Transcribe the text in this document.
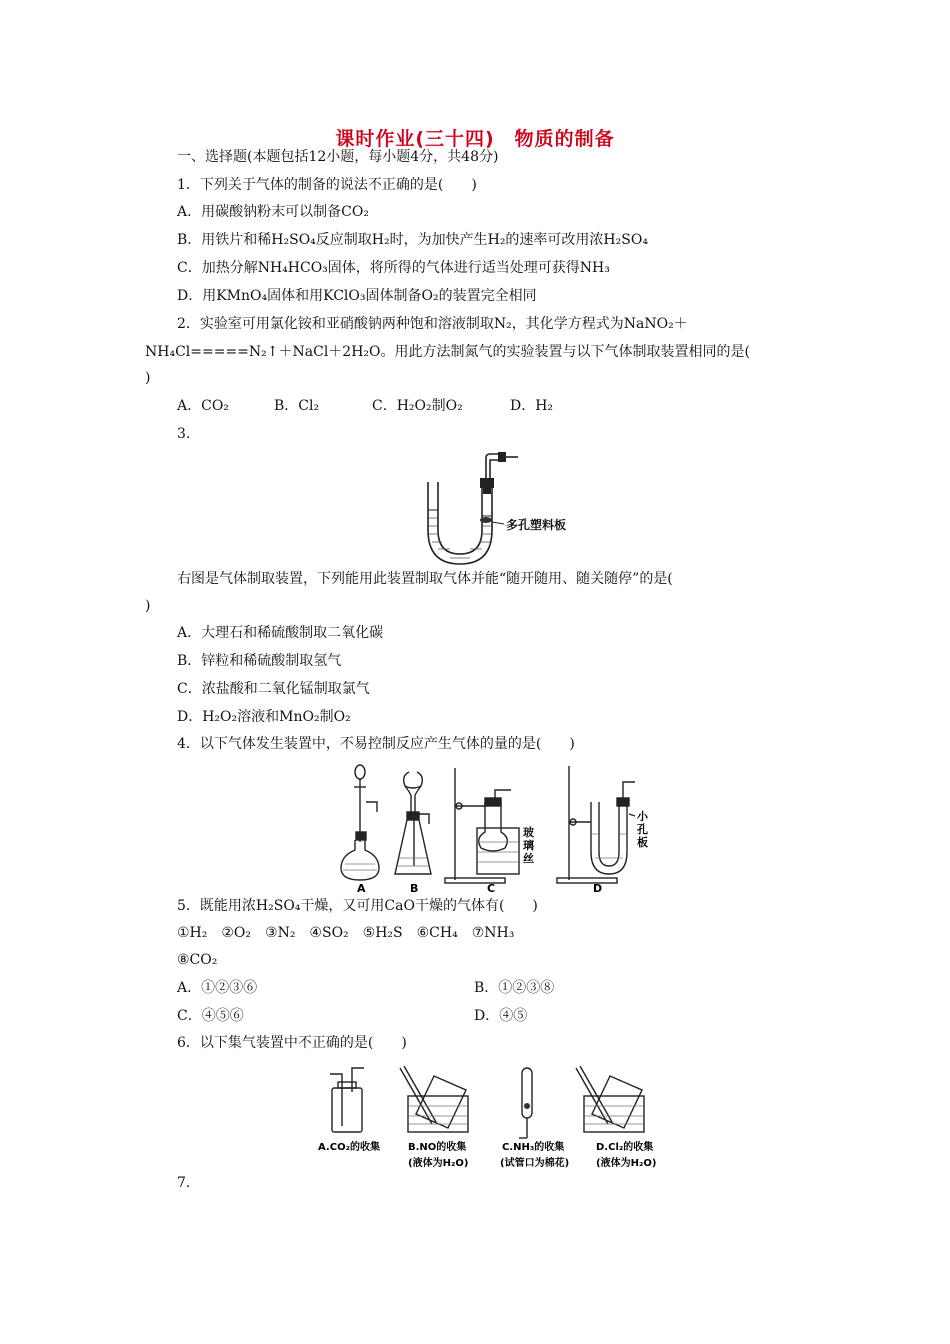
课时作业(三十四)　物质的制备
一、选择题(本题包括12小题，每小题4分，共48分)
1．下列关于气体的制备的说法不正确的是(　　)
A．用碳酸钠粉末可以制备CO₂
B．用铁片和稀H₂SO₄反应制取H₂时，为加快产生H₂的速率可改用浓H₂SO₄
C．加热分解NH₄HCO₃固体，将所得的气体进行适当处理可获得NH₃
D．用KMnO₄固体和用KClO₃固体制备O₂的装置完全相同
2．实验室可用氯化铵和亚硝酸钠两种饱和溶液制取N₂，其化学方程式为NaNO₂＋
NH₄Cl=====N₂↑＋NaCl＋2H₂O。用此方法制氮气的实验装置与以下气体制取装置相同的是(
)
A．CO₂	B．Cl₂	C．H₂O₂制O₂	D．H₂
3.
多孔塑料板
右图是气体制取装置，下列能用此装置制取气体并能“随开随用、随关随停”的是(
)
A．大理石和稀硫酸制取二氧化碳
B．锌粒和稀硫酸制取氢气
C．浓盐酸和二氧化锰制取氯气
D．H₂O₂溶液和MnO₂制O₂
4．以下气体发生装置中，不易控制反应产生气体的量的是(　　)
玻
璃
丝
小
孔
板
A	B	C	D
5．既能用浓H₂SO₄干燥，又可用CaO干燥的气体有(　　)
①H₂　②O₂　③N₂　④SO₂　⑤H₂S　⑥CH₄　⑦NH₃
⑧CO₂
A．①②③⑥	B．①②③⑧
C．④⑤⑥	D．④⑤
6．以下集气装置中不正确的是(　　)
A.CO₂的收集	B.NO的收集
(液体为H₂O)
C.NH₃的收集
(试管口为棉花)
D.Cl₂的收集
(液体为H₂O)
7.
